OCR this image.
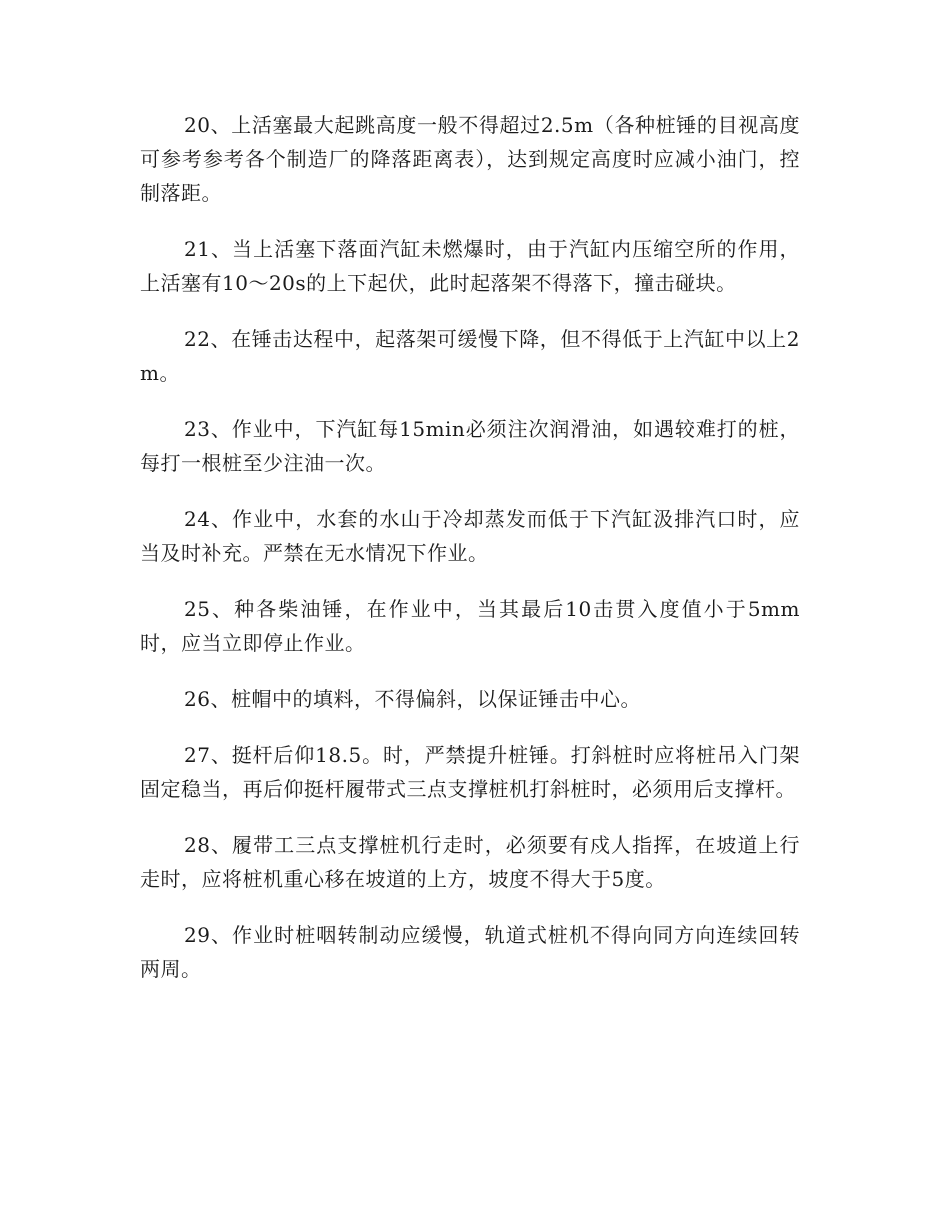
20、上活塞最大起跳高度一般不得超过2.5m（各种桩锤的目视高度可参考参考各个制造厂的降落距离表），达到规定高度时应减小油门，控制落距。

21、当上活塞下落面汽缸未燃爆时，由于汽缸内压缩空所的作用，上活塞有10～20s的上下起伏，此时起落架不得落下，撞击碰块。

22、在锤击达程中，起落架可缓慢下降，但不得低于上汽缸中以上2m。

23、作业中，下汽缸每15min必须注次润滑油，如遇较难打的桩，每打一根桩至少注油一次。

24、作业中，水套的水山于冷却蒸发而低于下汽缸汲排汽口时，应当及时补充。严禁在无水情况下作业。

25、种各柴油锤，在作业中，当其最后10击贯入度值小于5mm时，应当立即停止作业。

26、桩帽中的填料，不得偏斜，以保证锤击中心。

27、挺杆后仰18.5。时，严禁提升桩锤。打斜桩时应将桩吊入门架固定稳当，再后仰挺杆履带式三点支撑桩机打斜桩时，必须用后支撑杆。

28、履带工三点支撑桩机行走时，必须要有戍人指挥，在坡道上行走时，应将桩机重心移在坡道的上方，坡度不得大于5度。

29、作业时桩咽转制动应缓慢，轨道式桩机不得向同方向连续回转两周。
